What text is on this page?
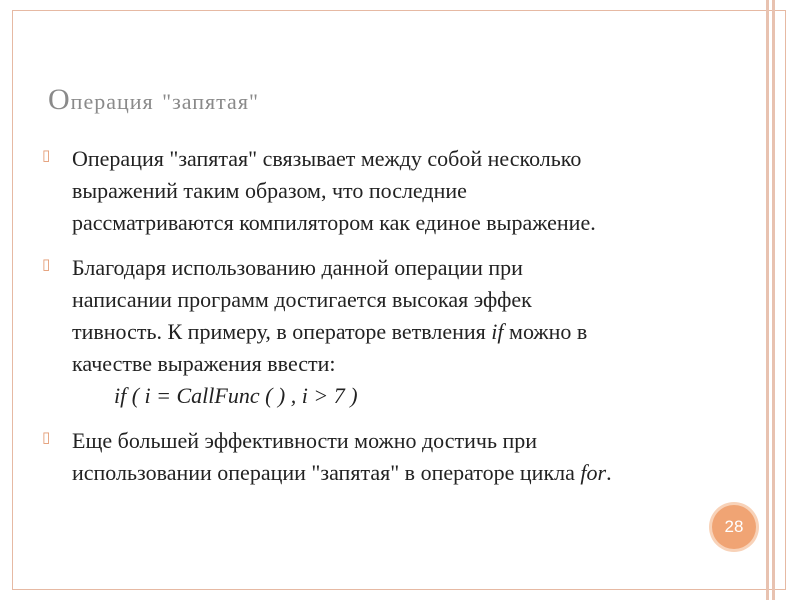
Операция "запятая"
▯ Операция "запятая" связывает между собой несколько
выражений таким образом, что последние
рассматриваются компилятором как единое выражение.
▯ Благодаря использованию данной операции при
написании программ достигается высокая эффек
тивность. К примеру, в операторе ветвления if можно в
качестве выражения ввести:
if ( i = CallFunc ( ) , i > 7 )
▯ Еще большей эффективности можно достичь при
использовании операции "запятая" в операторе цикла for.
28
